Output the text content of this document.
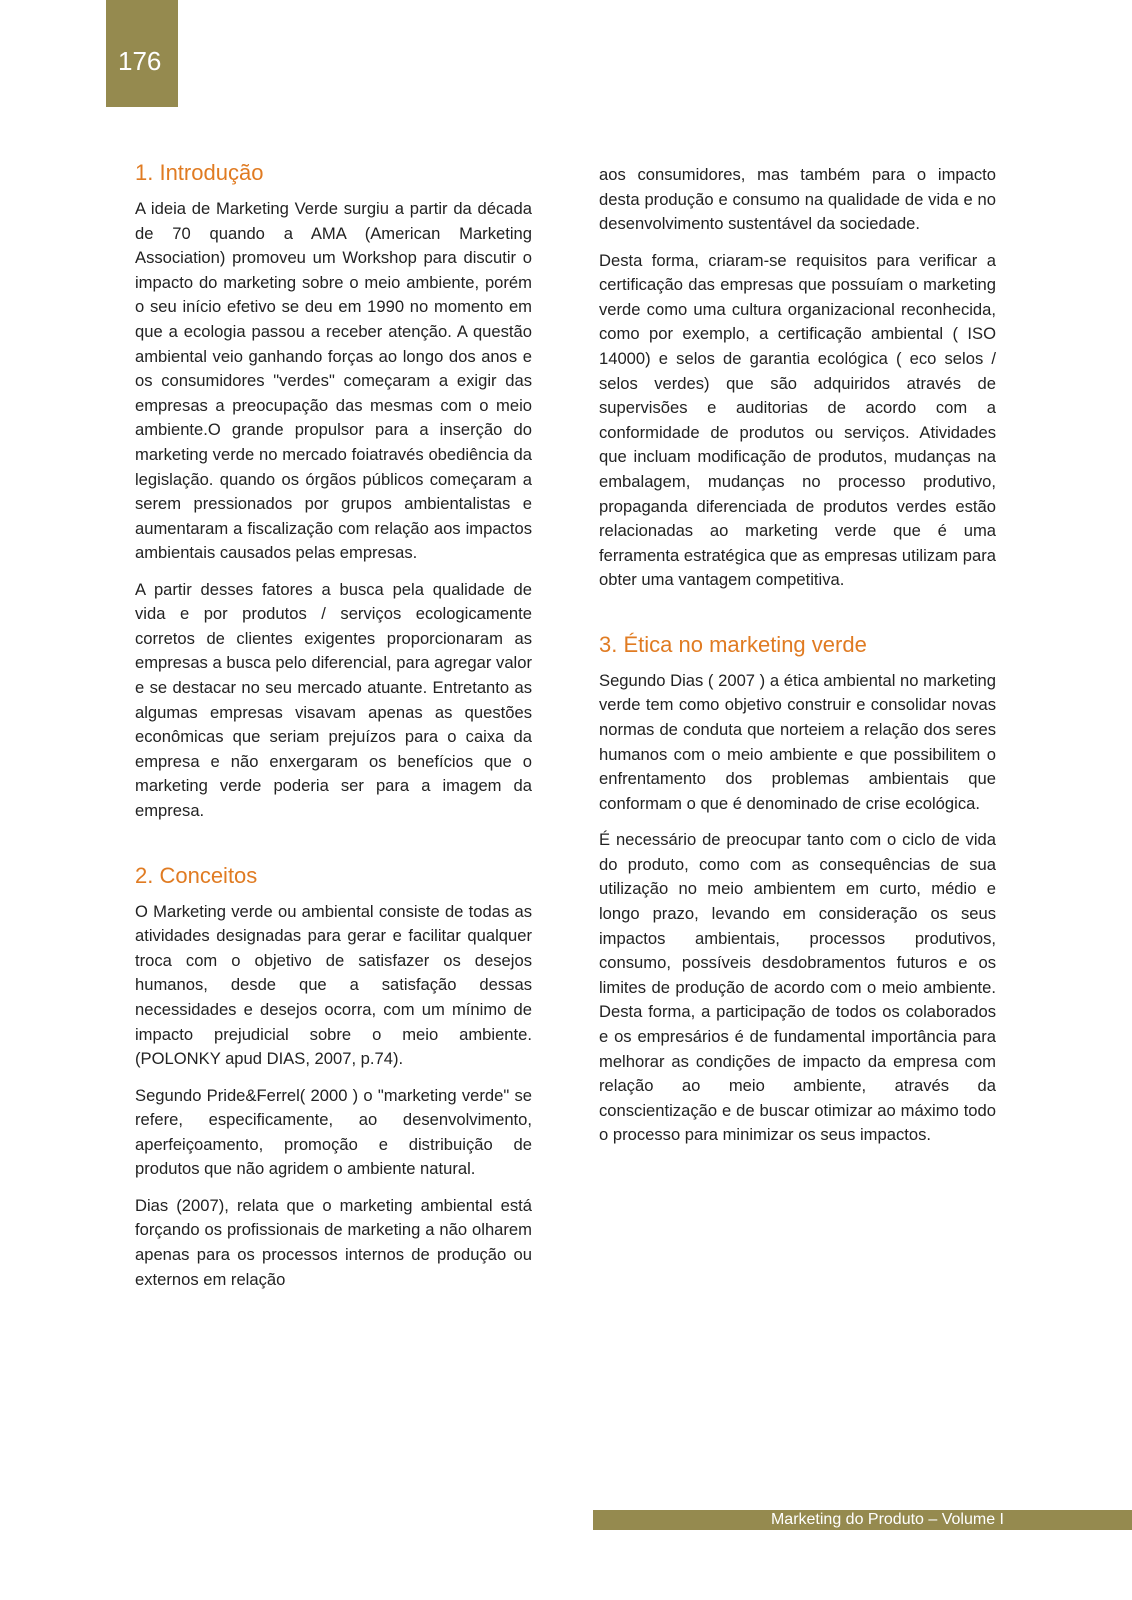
176
1. Introdução

A ideia de Marketing Verde surgiu a partir da década de 70 quando a AMA (American Marketing Association) promoveu um Workshop para discutir o impacto do marketing sobre o meio ambiente, porém o seu início efetivo se deu em 1990 no momento em que a ecologia passou a receber atenção. A questão ambiental veio ganhando forças ao longo dos anos e os consumidores "verdes" começaram a exigir das empresas a preocupação das mesmas com o meio ambiente.O grande propulsor para a inserção do marketing verde no mercado foiatravés obediência da legislação. quando os órgãos públicos começaram a serem pressionados por grupos ambientalistas e aumentaram a fiscalização com relação aos impactos ambientais causados pelas empresas.

A partir desses fatores a busca pela qualidade de vida e por produtos / serviços ecologicamente corretos de clientes exigentes proporcionaram as empresas a busca pelo diferencial, para agregar valor e se destacar no seu mercado atuante. Entretanto as algumas empresas visavam apenas as questões econômicas que seriam prejuízos para o caixa da empresa e não enxergaram os benefícios que o marketing verde poderia ser para a imagem da empresa.

2. Conceitos

O Marketing verde ou ambiental consiste de todas as atividades designadas para gerar e facilitar qualquer troca com o objetivo de satisfazer os desejos humanos, desde que a satisfação dessas necessidades e desejos ocorra, com um mínimo de impacto prejudicial sobre o meio ambiente. (POLONKY apud DIAS, 2007, p.74).

Segundo Pride&Ferrel( 2000 ) o "marketing verde" se refere, especificamente, ao desenvolvimento, aperfeiçoamento, promoção e distribuição de produtos que não agridem o ambiente natural.

Dias (2007), relata que o marketing ambiental está forçando os profissionais de marketing a não olharem apenas para os processos internos de produção ou externos em relação

aos consumidores, mas também para o impacto desta produção e consumo na qualidade de vida e no desenvolvimento sustentável da sociedade.

Desta forma, criaram-se requisitos para verificar a certificação das empresas que possuíam o marketing verde como uma cultura organizacional reconhecida, como por exemplo, a certificação ambiental ( ISO 14000) e selos de garantia ecológica ( eco selos / selos verdes) que são adquiridos através de supervisões e auditorias de acordo com a conformidade de produtos ou serviços. Atividades que incluam modificação de produtos, mudanças na embalagem, mudanças no processo produtivo, propaganda diferenciada de produtos verdes estão relacionadas ao marketing verde que é uma ferramenta estratégica que as empresas utilizam para obter uma vantagem competitiva.

3. Ética no marketing verde

Segundo Dias ( 2007 ) a ética ambiental no marketing verde tem como objetivo construir e consolidar novas normas de conduta que norteiem a relação dos seres humanos com o meio ambiente e que possibilitem o enfrentamento dos problemas ambientais que conformam o que é denominado de crise ecológica.

É necessário de preocupar tanto com o ciclo de vida do produto, como com as consequências de sua utilização no meio ambientem em curto, médio e longo prazo, levando em consideração os seus impactos ambientais, processos produtivos, consumo, possíveis desdobramentos futuros e os limites de produção de acordo com o meio ambiente. Desta forma, a participação de todos os colaborados e os empresários é de fundamental importância para melhorar as condições de impacto da empresa com relação ao meio ambiente, através da conscientização e de buscar otimizar ao máximo todo o processo para minimizar os seus impactos.

Marketing do Produto – Volume I
